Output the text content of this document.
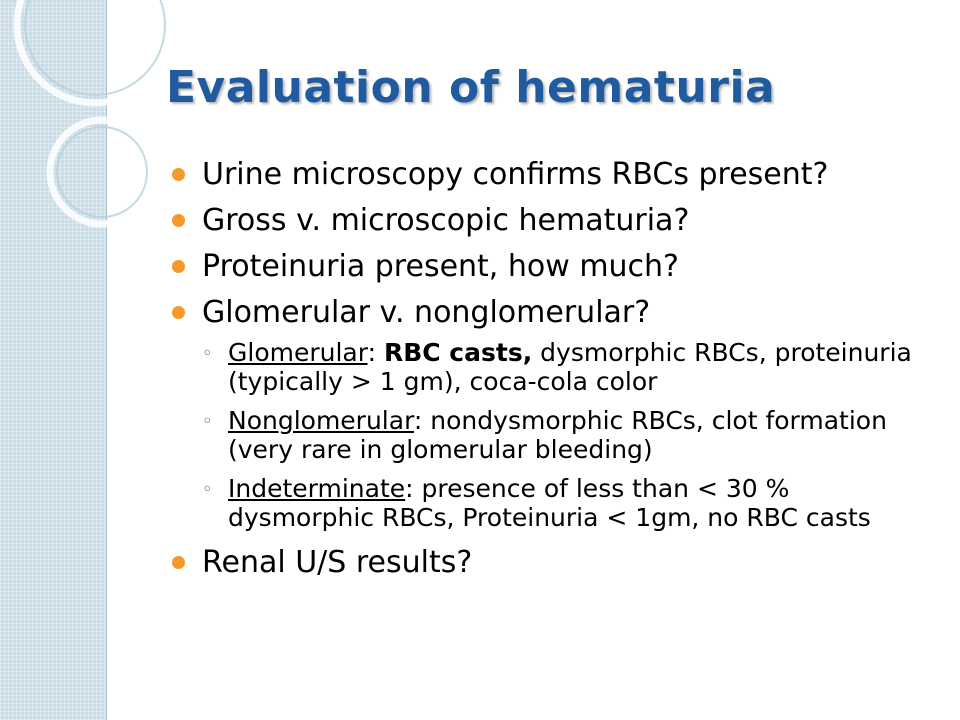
Evaluation of hematuria
Urine microscopy confirms RBCs present?
Gross v. microscopic hematuria?
Proteinuria present, how much?
Glomerular v. nonglomerular?
◦ Glomerular: RBC casts, dysmorphic RBCs, proteinuria (typically > 1 gm), coca-cola color
◦ Nonglomerular: nondysmorphic RBCs, clot formation (very rare in glomerular bleeding)
◦ Indeterminate: presence of less than < 30 % dysmorphic RBCs, Proteinuria < 1gm, no RBC casts
Renal U/S results?
